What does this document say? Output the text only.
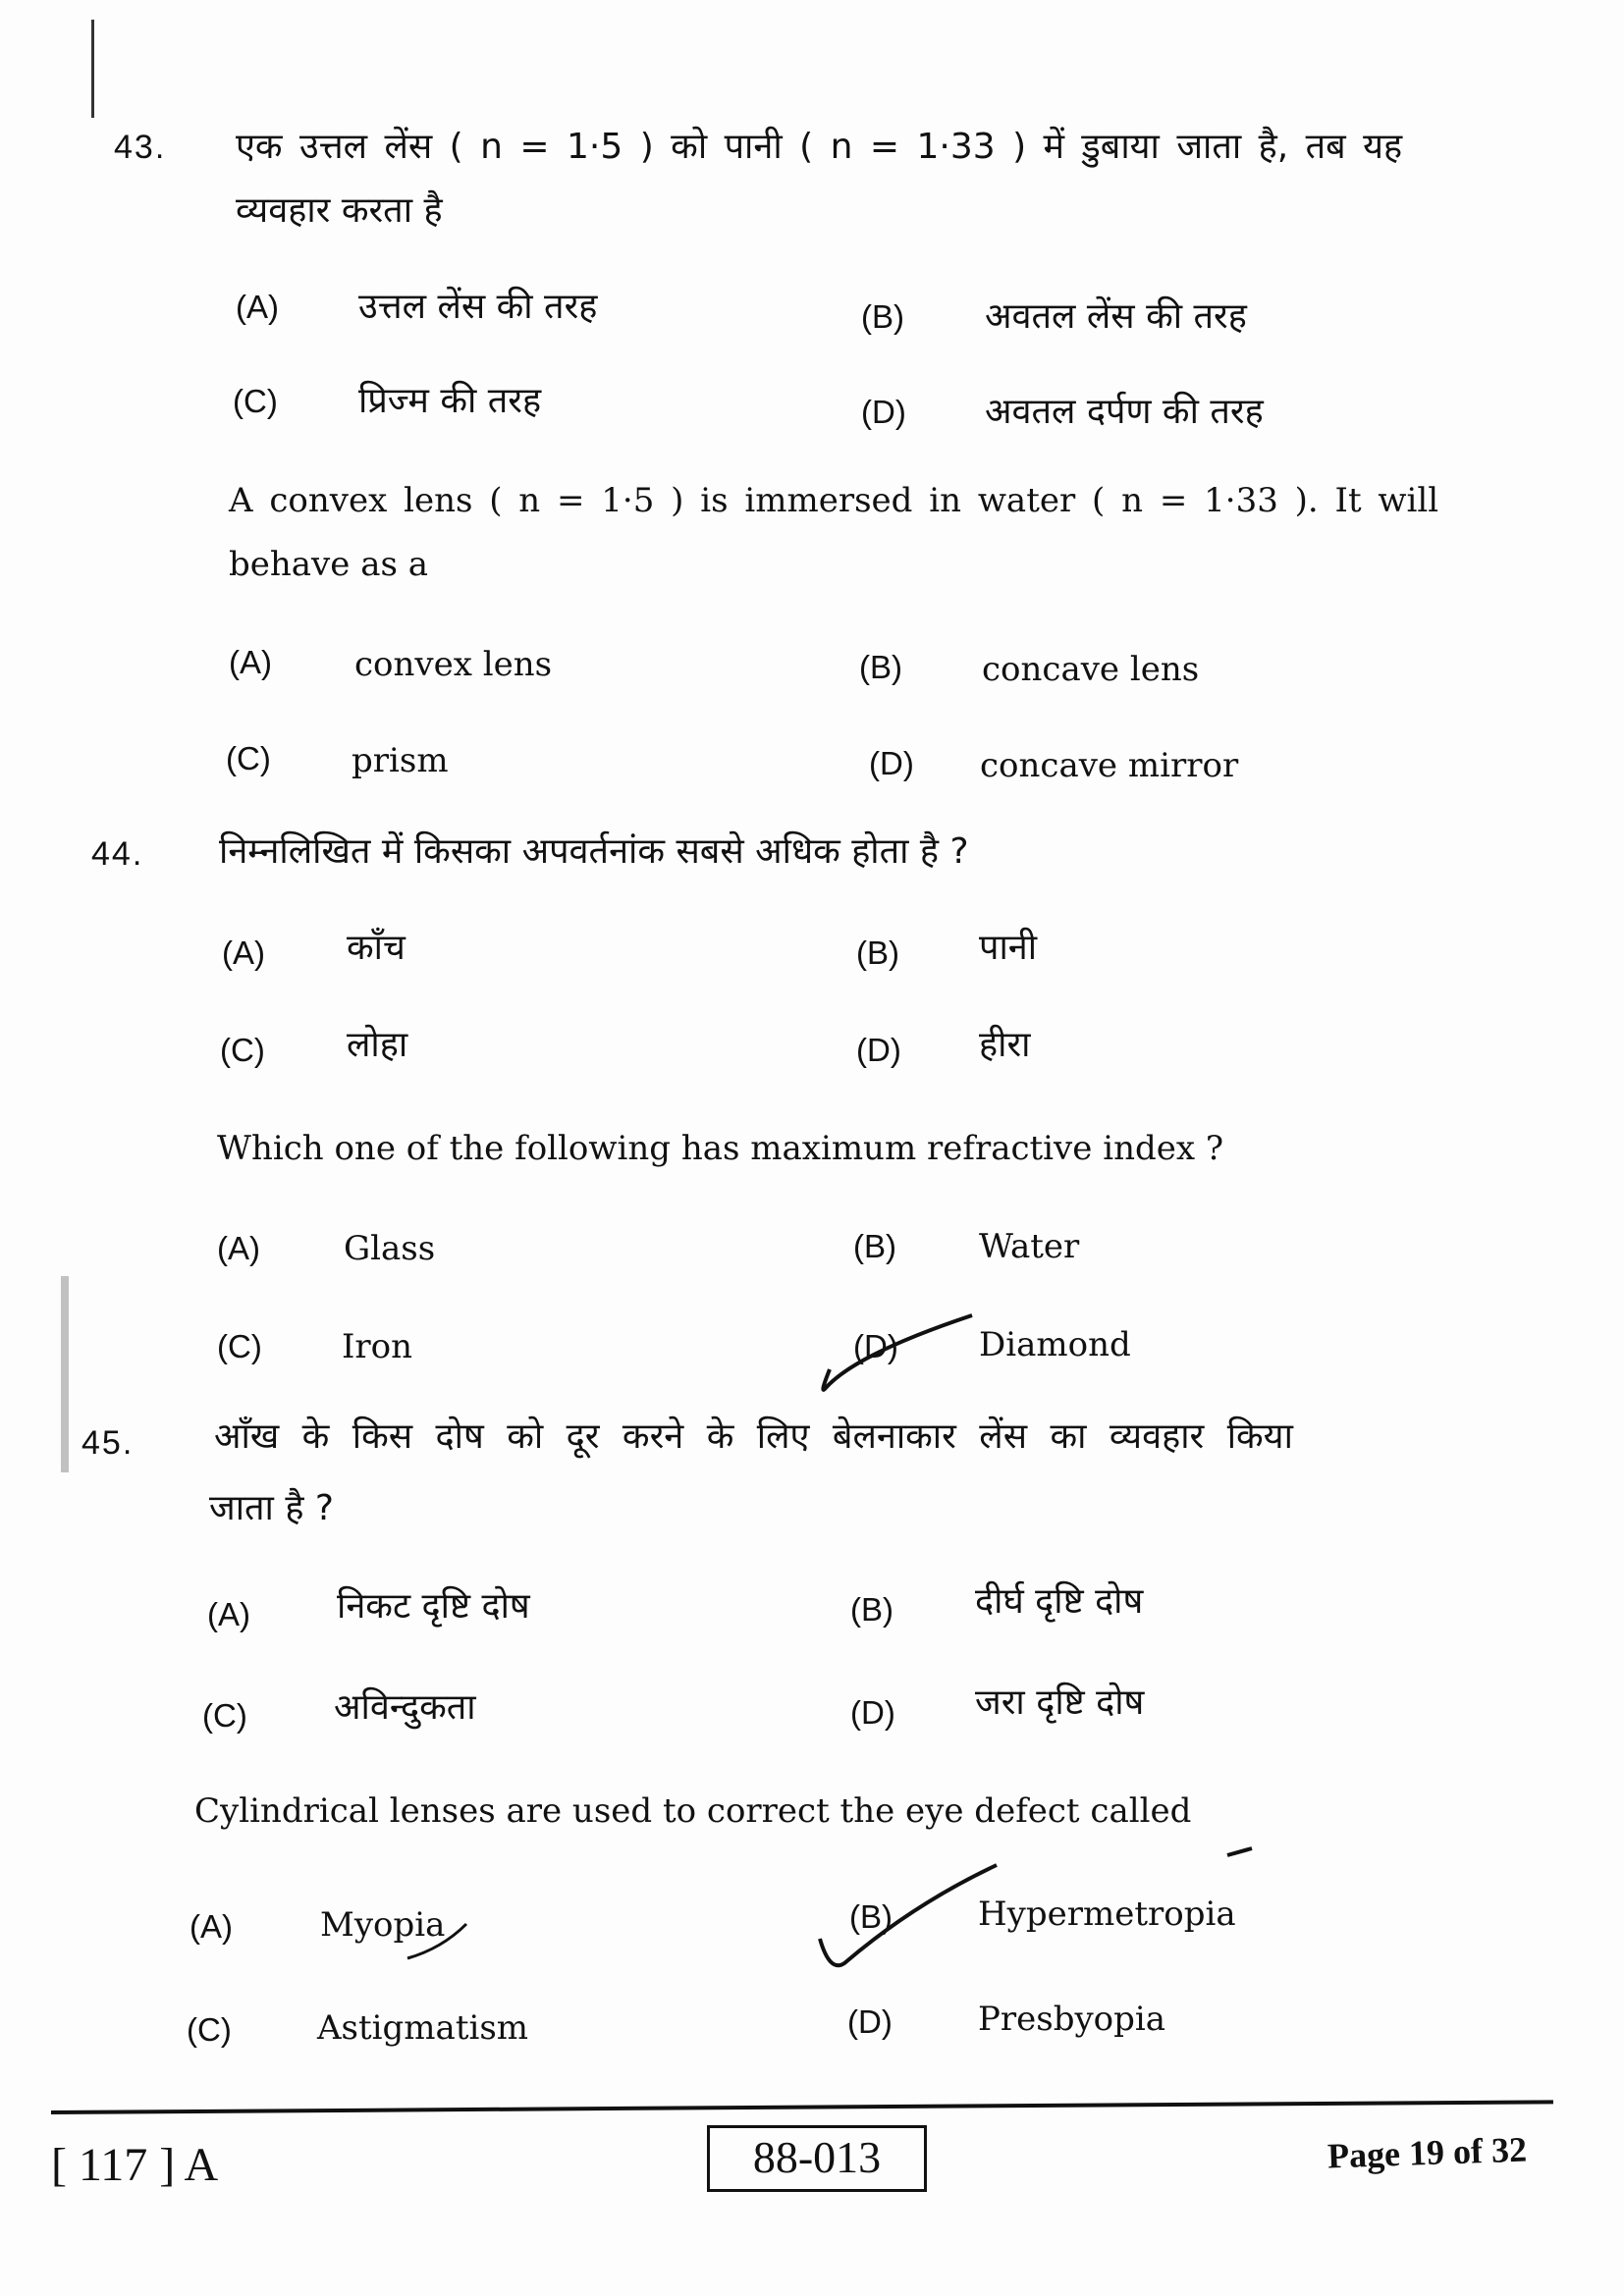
43. एक उत्तल लेंस ( n = 1·5 ) को पानी ( n = 1·33 ) में डुबाया जाता है, तब यह
व्यवहार करता है
(A) उत्तल लेंस की तरह	(B) अवतल लेंस की तरह
(C) प्रिज्म की तरह	(D) अवतल दर्पण की तरह
A convex lens ( n = 1·5 ) is immersed in water ( n = 1·33 ). It will
behave as a
(A) convex lens	(B) concave lens
(C) prism	(D) concave mirror
44. निम्नलिखित में किसका अपवर्तनांक सबसे अधिक होता है ?
(A) काँच	(B) पानी
(C) लोहा	(D) हीरा
Which one of the following has maximum refractive index ?
(A)	Glass	(B) Water
(C) Iron	(D) Diamond
45. आँख के किस दोष को दूर करने के लिए बेलनाकार लेंस का व्यवहार किया
जाता है ?
(A) निकट दृष्टि दोष	(B) दीर्घ दृष्टि दोष
(C) अविन्दुकता	(D) जरा दृष्टि दोष
Cylindrical lenses are used to correct the eye defect called
(A)	Myopia	(B)	Hypermetropia
(C)	Astigmatism	(D)	Presbyopia
[ 117 ] A	88-013	Page 19 of 32
